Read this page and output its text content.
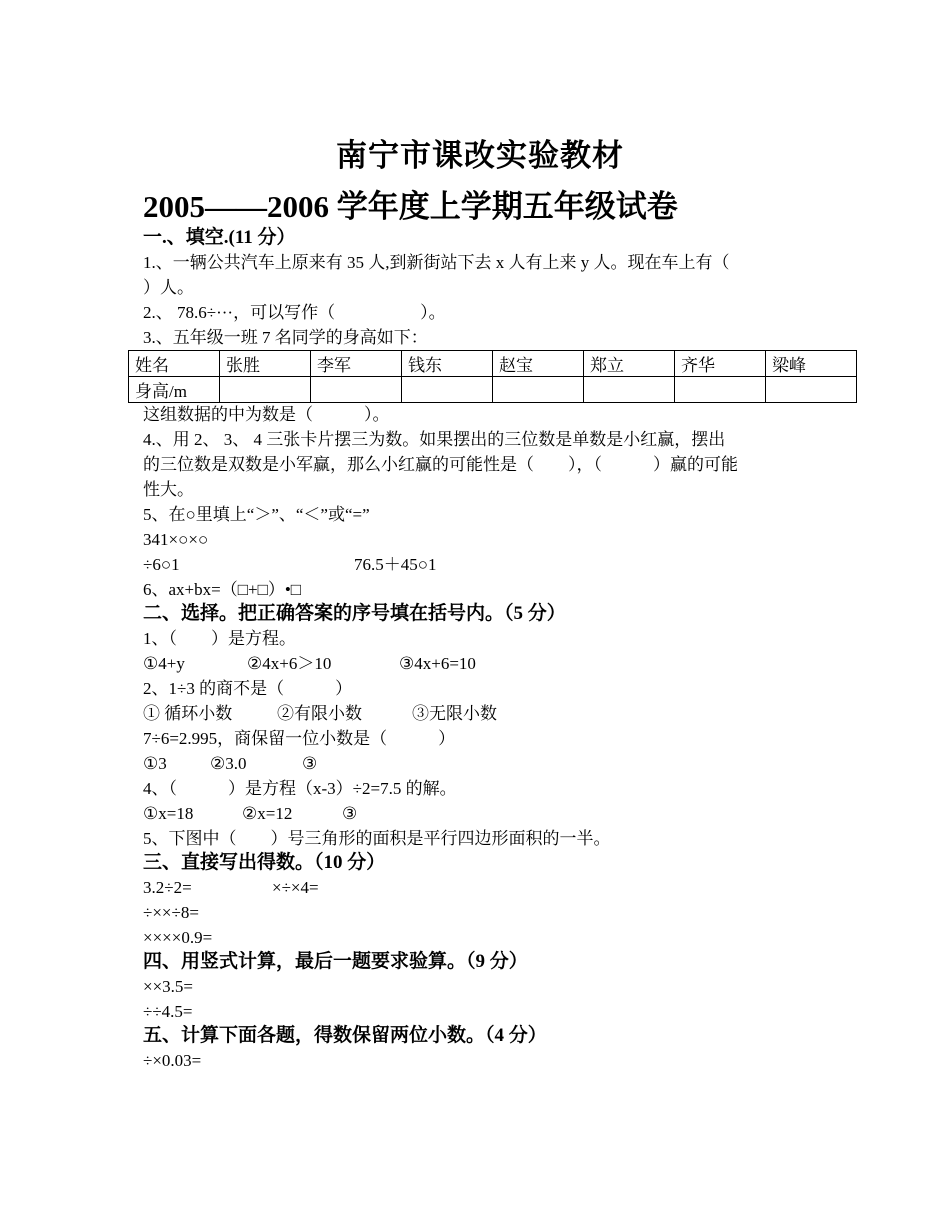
南宁市课改实验教材
2005——2006 学年度上学期五年级试卷
一.、填空.(11 分）
1.、一辆公共汽车上原来有 35 人,到新街站下去 x 人有上来 y 人。现在车上有（
）人。
2.、 78.6÷···，可以写作（　　　　　）。
3.、五年级一班 7 名同学的身高如下：
姓名	张胜	李军	钱东	赵宝	郑立	齐华	梁峰
身高/m							
这组数据的中为数是（　　　）。
4.、用 2、 3、 4 三张卡片摆三为数。如果摆出的三位数是单数是小红赢，摆出
的三位数是双数是小军赢，那么小红赢的可能性是（　　），（　　　）赢的可能
性大。
5、在○里填上“＞”、“＜”或“=”
341×○×○
÷6○1	76.5＋45○1
6、ax+bx=（□+□）•□
二、选择。把正确答案的序号填在括号内。（5 分）
1、（　　）是方程。
①4+y	②4x+6＞10	③4x+6=10
2、1÷3 的商不是（　　　）
① 循环小数	②有限小数	③无限小数
7÷6=2.995，商保留一位小数是（　　　）
①3	②3.0	③
4、（　　　）是方程（x-3）÷2=7.5 的解。
①x=18	②x=12	③
5、下图中（　　）号三角形的面积是平行四边形面积的一半。
三、直接写出得数。（10 分）
3.2÷2=	×÷×4=
÷××÷8=
××××0.9=
四、用竖式计算，最后一题要求验算。（9 分）
××3.5=
÷÷4.5=
五、计算下面各题，得数保留两位小数。（4 分）
÷×0.03=
